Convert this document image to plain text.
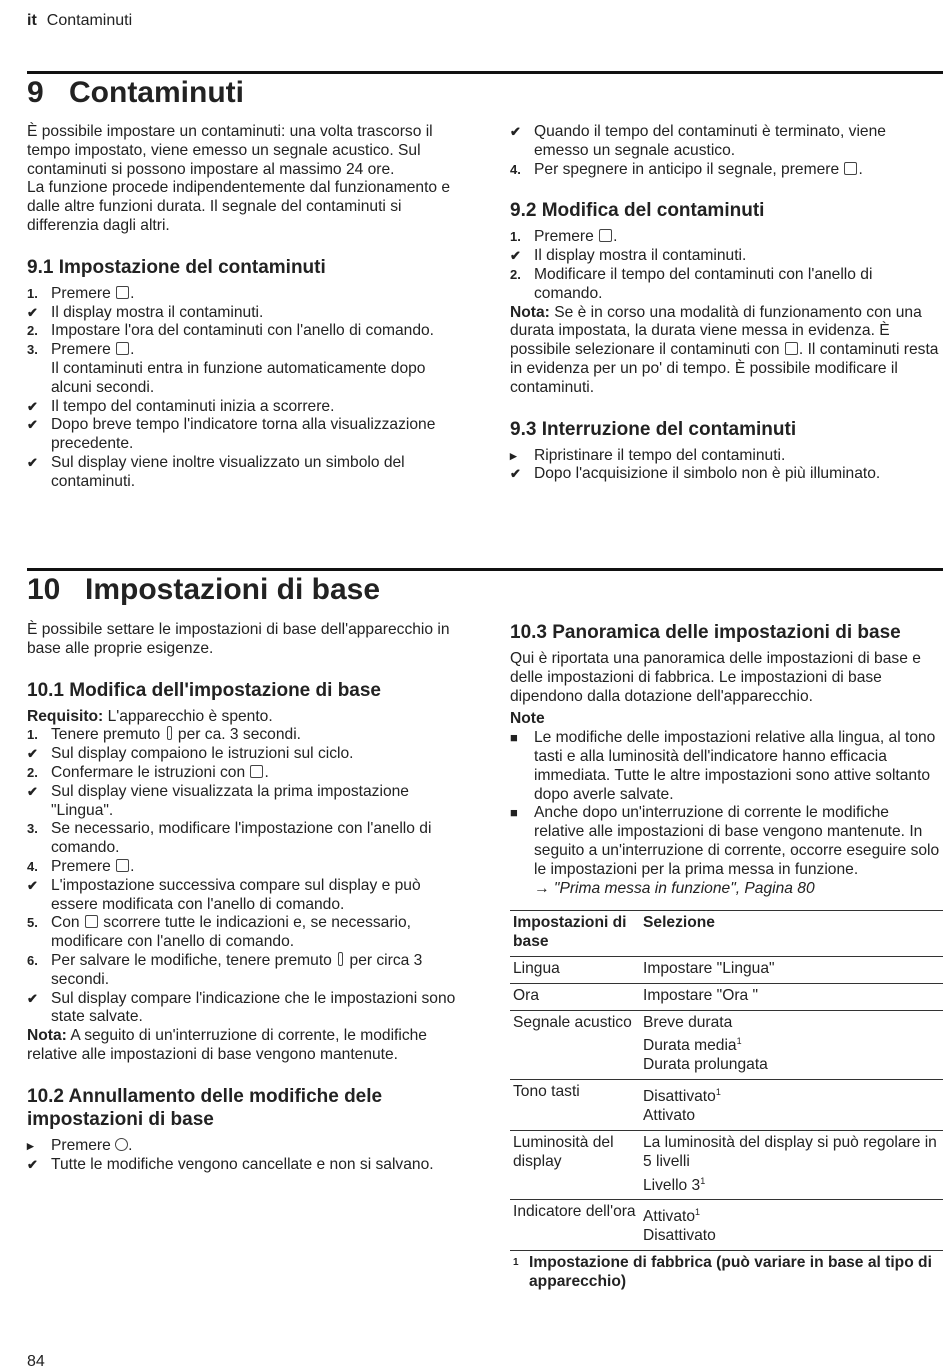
it Contaminuti
9 Contaminuti

È possibile impostare un contaminuti: una volta trascorso il tempo impostato, viene emesso un segnale acustico. Sul contaminuti si possono impostare al massimo 24 ore.

La funzione procede indipendentemente dal funzionamento e dalle altre funzioni durata. Il segnale del contaminuti si differenzia dagli altri.

9.1 Impostazione del contaminuti
1. Premere .
✔ Il display mostra il contaminuti.
2. Impostare l'ora del contaminuti con l'anello di comando.
3. Premere .
Il contaminuti entra in funzione automaticamente dopo alcuni secondi.
✔ Il tempo del contaminuti inizia a scorrere.
✔ Dopo breve tempo l'indicatore torna alla visualizzazione precedente.
✔ Sul display viene inoltre visualizzato un simbolo del contaminuti.
✔ Quando il tempo del contaminuti è terminato, viene emesso un segnale acustico.
4. Per spegnere in anticipo il segnale, premere .
9.2 Modifica del contaminuti
1. Premere .
✔ Il display mostra il contaminuti.
2. Modificare il tempo del contaminuti con l'anello di comando.

Nota: Se è in corso una modalità di funzionamento con una durata impostata, la durata viene messa in evidenza. È possibile selezionare il contaminuti con . Il contaminuti resta in evidenza per un po' di tempo. È possibile modificare il contaminuti.

9.3 Interruzione del contaminuti
▸ Ripristinare il tempo del contaminuti.
✔ Dopo l'acquisizione il simbolo non è più illuminato.
10 Impostazioni di base

È possibile settare le impostazioni di base dell'apparecchio in base alle proprie esigenze.

10.1 Modifica dell'impostazione di base

Requisito: L'apparecchio è spento.

1. Tenere premuto per ca. 3 secondi.
✔ Sul display compaiono le istruzioni sul ciclo.
2. Confermare le istruzioni con .
✔ Sul display viene visualizzata la prima impostazione "Lingua".
3. Se necessario, modificare l'impostazione con l'anello di comando.
4. Premere .
✔ L'impostazione successiva compare sul display e può essere modificata con l'anello di comando.
5. Con scorrere tutte le indicazioni e, se necessario, modificare con l'anello di comando.
6. Per salvare le modifiche, tenere premuto per circa 3 secondi.
✔ Sul display compare l'indicazione che le impostazioni sono state salvate.

Nota: A seguito di un'interruzione di corrente, le modifiche relative alle impostazioni di base vengono mantenute.

10.2 Annullamento delle modifiche dele impostazioni di base
▸ Premere .
✔ Tutte le modifiche vengono cancellate e non si salvano.
10.3 Panoramica delle impostazioni di base

Qui è riportata una panoramica delle impostazioni di base e delle impostazioni di fabbrica. Le impostazioni di base dipendono dalla dotazione dell'apparecchio.

Note

■ Le modifiche delle impostazioni relative alla lingua, al tono tasti e alla luminosità dell'indicatore hanno efficacia immediata. Tutte le altre impostazioni sono attive soltanto dopo averle salvate.
■ Anche dopo un'interruzione di corrente le modifiche relative alle impostazioni di base vengono mantenute. In seguito a un'interruzione di corrente, occorre eseguire solo le impostazioni per la prima messa in funzione.
→ "Prima messa in funzione", Pagina 80
Impostazioni di base	Selezione
Lingua	Impostare "Lingua"

Ora	Impostare "Ora "

Segnale acustico	Breve durata
Durata media$^1$
Durata prolungata

Tono tasti	Disattivato$^1$
Attivato

Luminosità del display	La luminosità del display si può regolare in 5 livelli
Livello $3^1$

Indicatore dell'ora	Attivato$^1$
Disattivato

1 Impostazione di fabbrica (può variare in base al tipo di apparecchio)	
84
